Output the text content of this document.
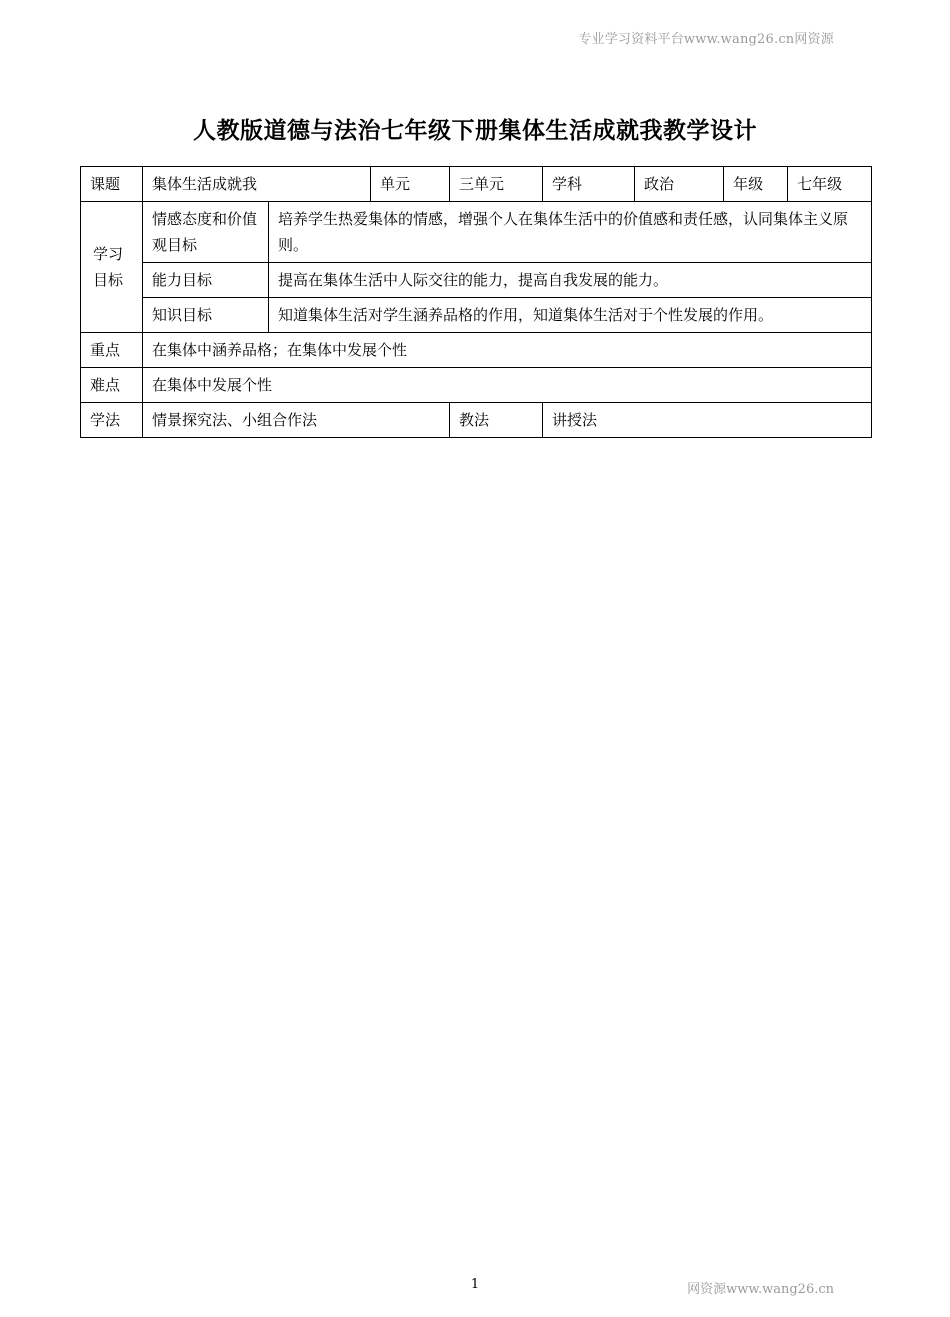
专业学习资料平台www.wang26.cn网资源
人教版道德与法治七年级下册集体生活成就我教学设计
课题	集体生活成就我		单元	三单元	学科	政治	年级	七年级
学习目标	情感态度和价值观目标	培养学生热爱集体的情感，增强个人在集体生活中的价值感和责任感，认同集体主义原则。						
	能力目标	提高在集体生活中人际交往的能力，提高自我发展的能力。						
	知识目标	知道集体生活对学生涵养品格的作用，知道集体生活对于个性发展的作用。						
重点	在集体中涵养品格；在集体中发展个性							
难点	在集体中发展个性							
学法	情景探究法、小组合作法			教法	讲授法			
1	网资源www.wang26.cn
